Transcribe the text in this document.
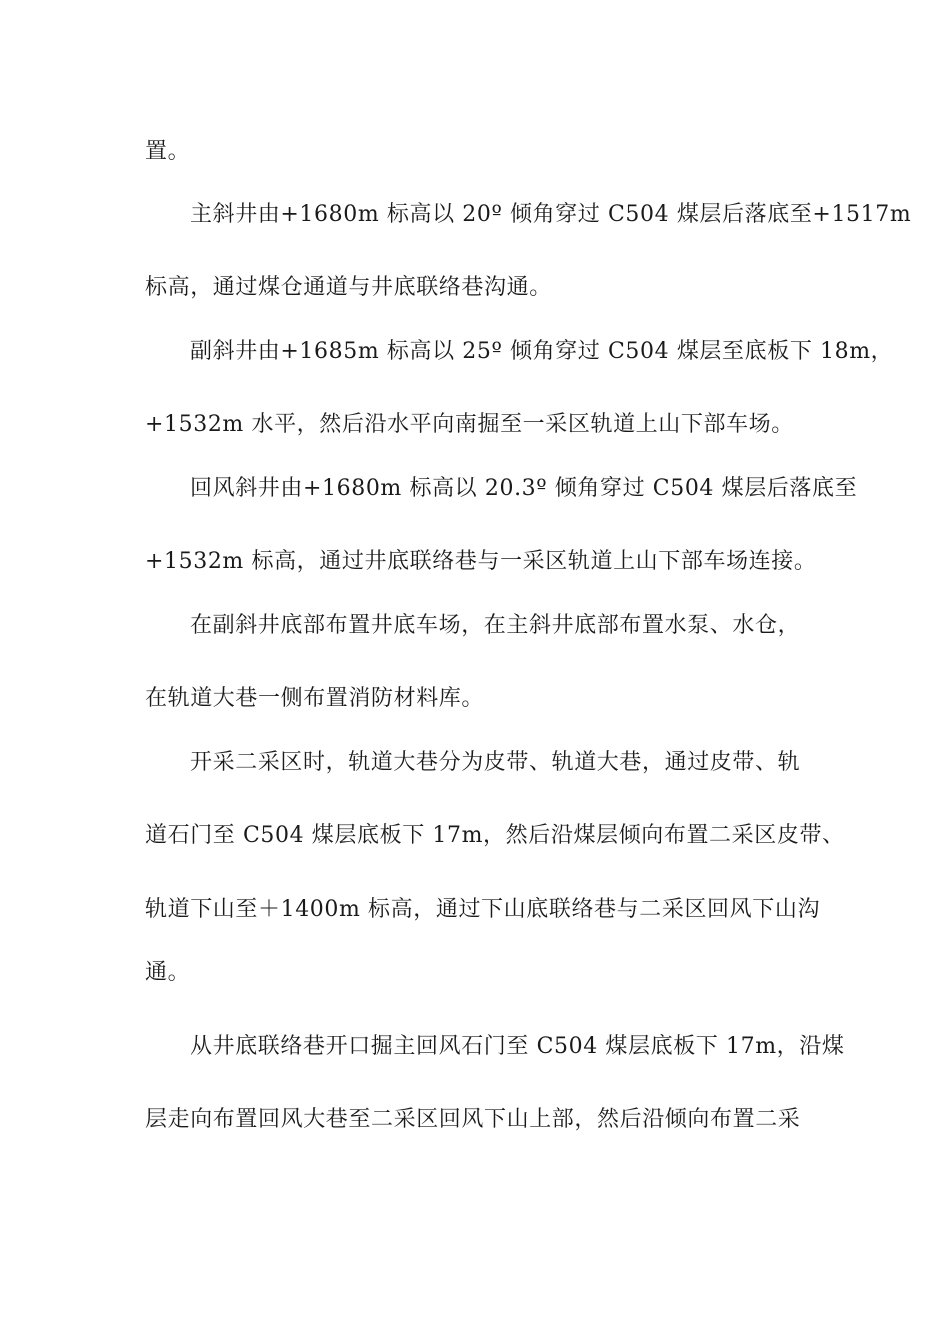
置。
主斜井由+1680m 标高以 20º 倾角穿过 C504 煤层后落底至+1517m
标高，通过煤仓通道与井底联络巷沟通。
副斜井由+1685m 标高以 25º 倾角穿过 C504 煤层至底板下 18m，
+1532m 水平，然后沿水平向南掘至一采区轨道上山下部车场。
回风斜井由+1680m 标高以 20.3º 倾角穿过 C504 煤层后落底至
+1532m 标高，通过井底联络巷与一采区轨道上山下部车场连接。
在副斜井底部布置井底车场，在主斜井底部布置水泵、水仓，
在轨道大巷一侧布置消防材料库。
开采二采区时，轨道大巷分为皮带、轨道大巷，通过皮带、轨
道石门至 C504 煤层底板下 17m，然后沿煤层倾向布置二采区皮带、
轨道下山至＋1400m 标高，通过下山底联络巷与二采区回风下山沟
通。
从井底联络巷开口掘主回风石门至 C504 煤层底板下 17m，沿煤
层走向布置回风大巷至二采区回风下山上部，然后沿倾向布置二采
